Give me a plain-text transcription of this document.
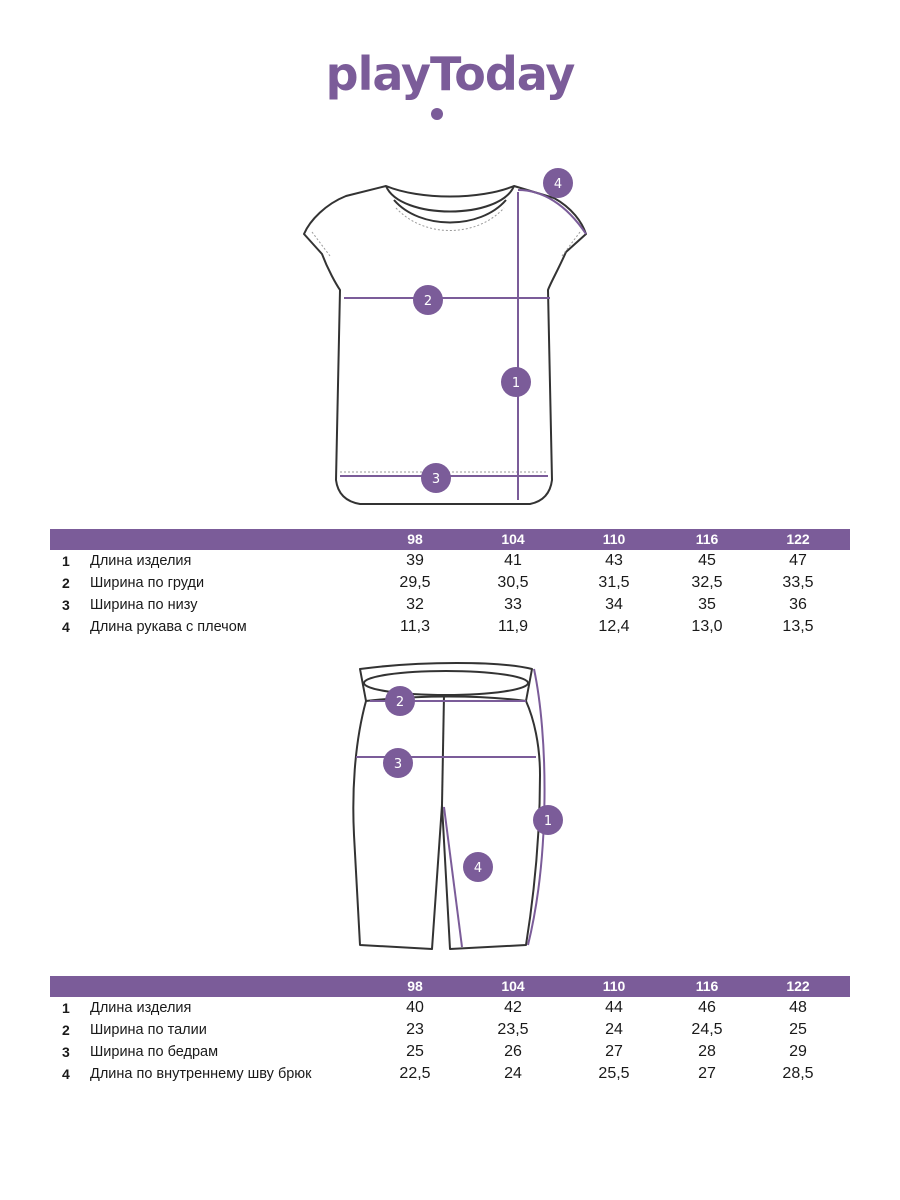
playToday
1
2
3
4
98	104	110	116	122
1 Длина изделия	39	41	43	45	47
2 Ширина по груди	29,5	30,5	31,5	32,5	33,5
3 Ширина по низу	32	33	34	35	36
4 Длина рукава с плечом	11,3	11,9	12,4	13,0	13,5
1
2
3
4
98	104	110	116	122
1 Длина изделия	40	42	44	46	48
2 Ширина по талии	23	23,5	24	24,5	25
3 Ширина по бедрам	25	26	27	28	29
4 Длина по внутреннему шву брюк	22,5	24	25,5	27	28,5
